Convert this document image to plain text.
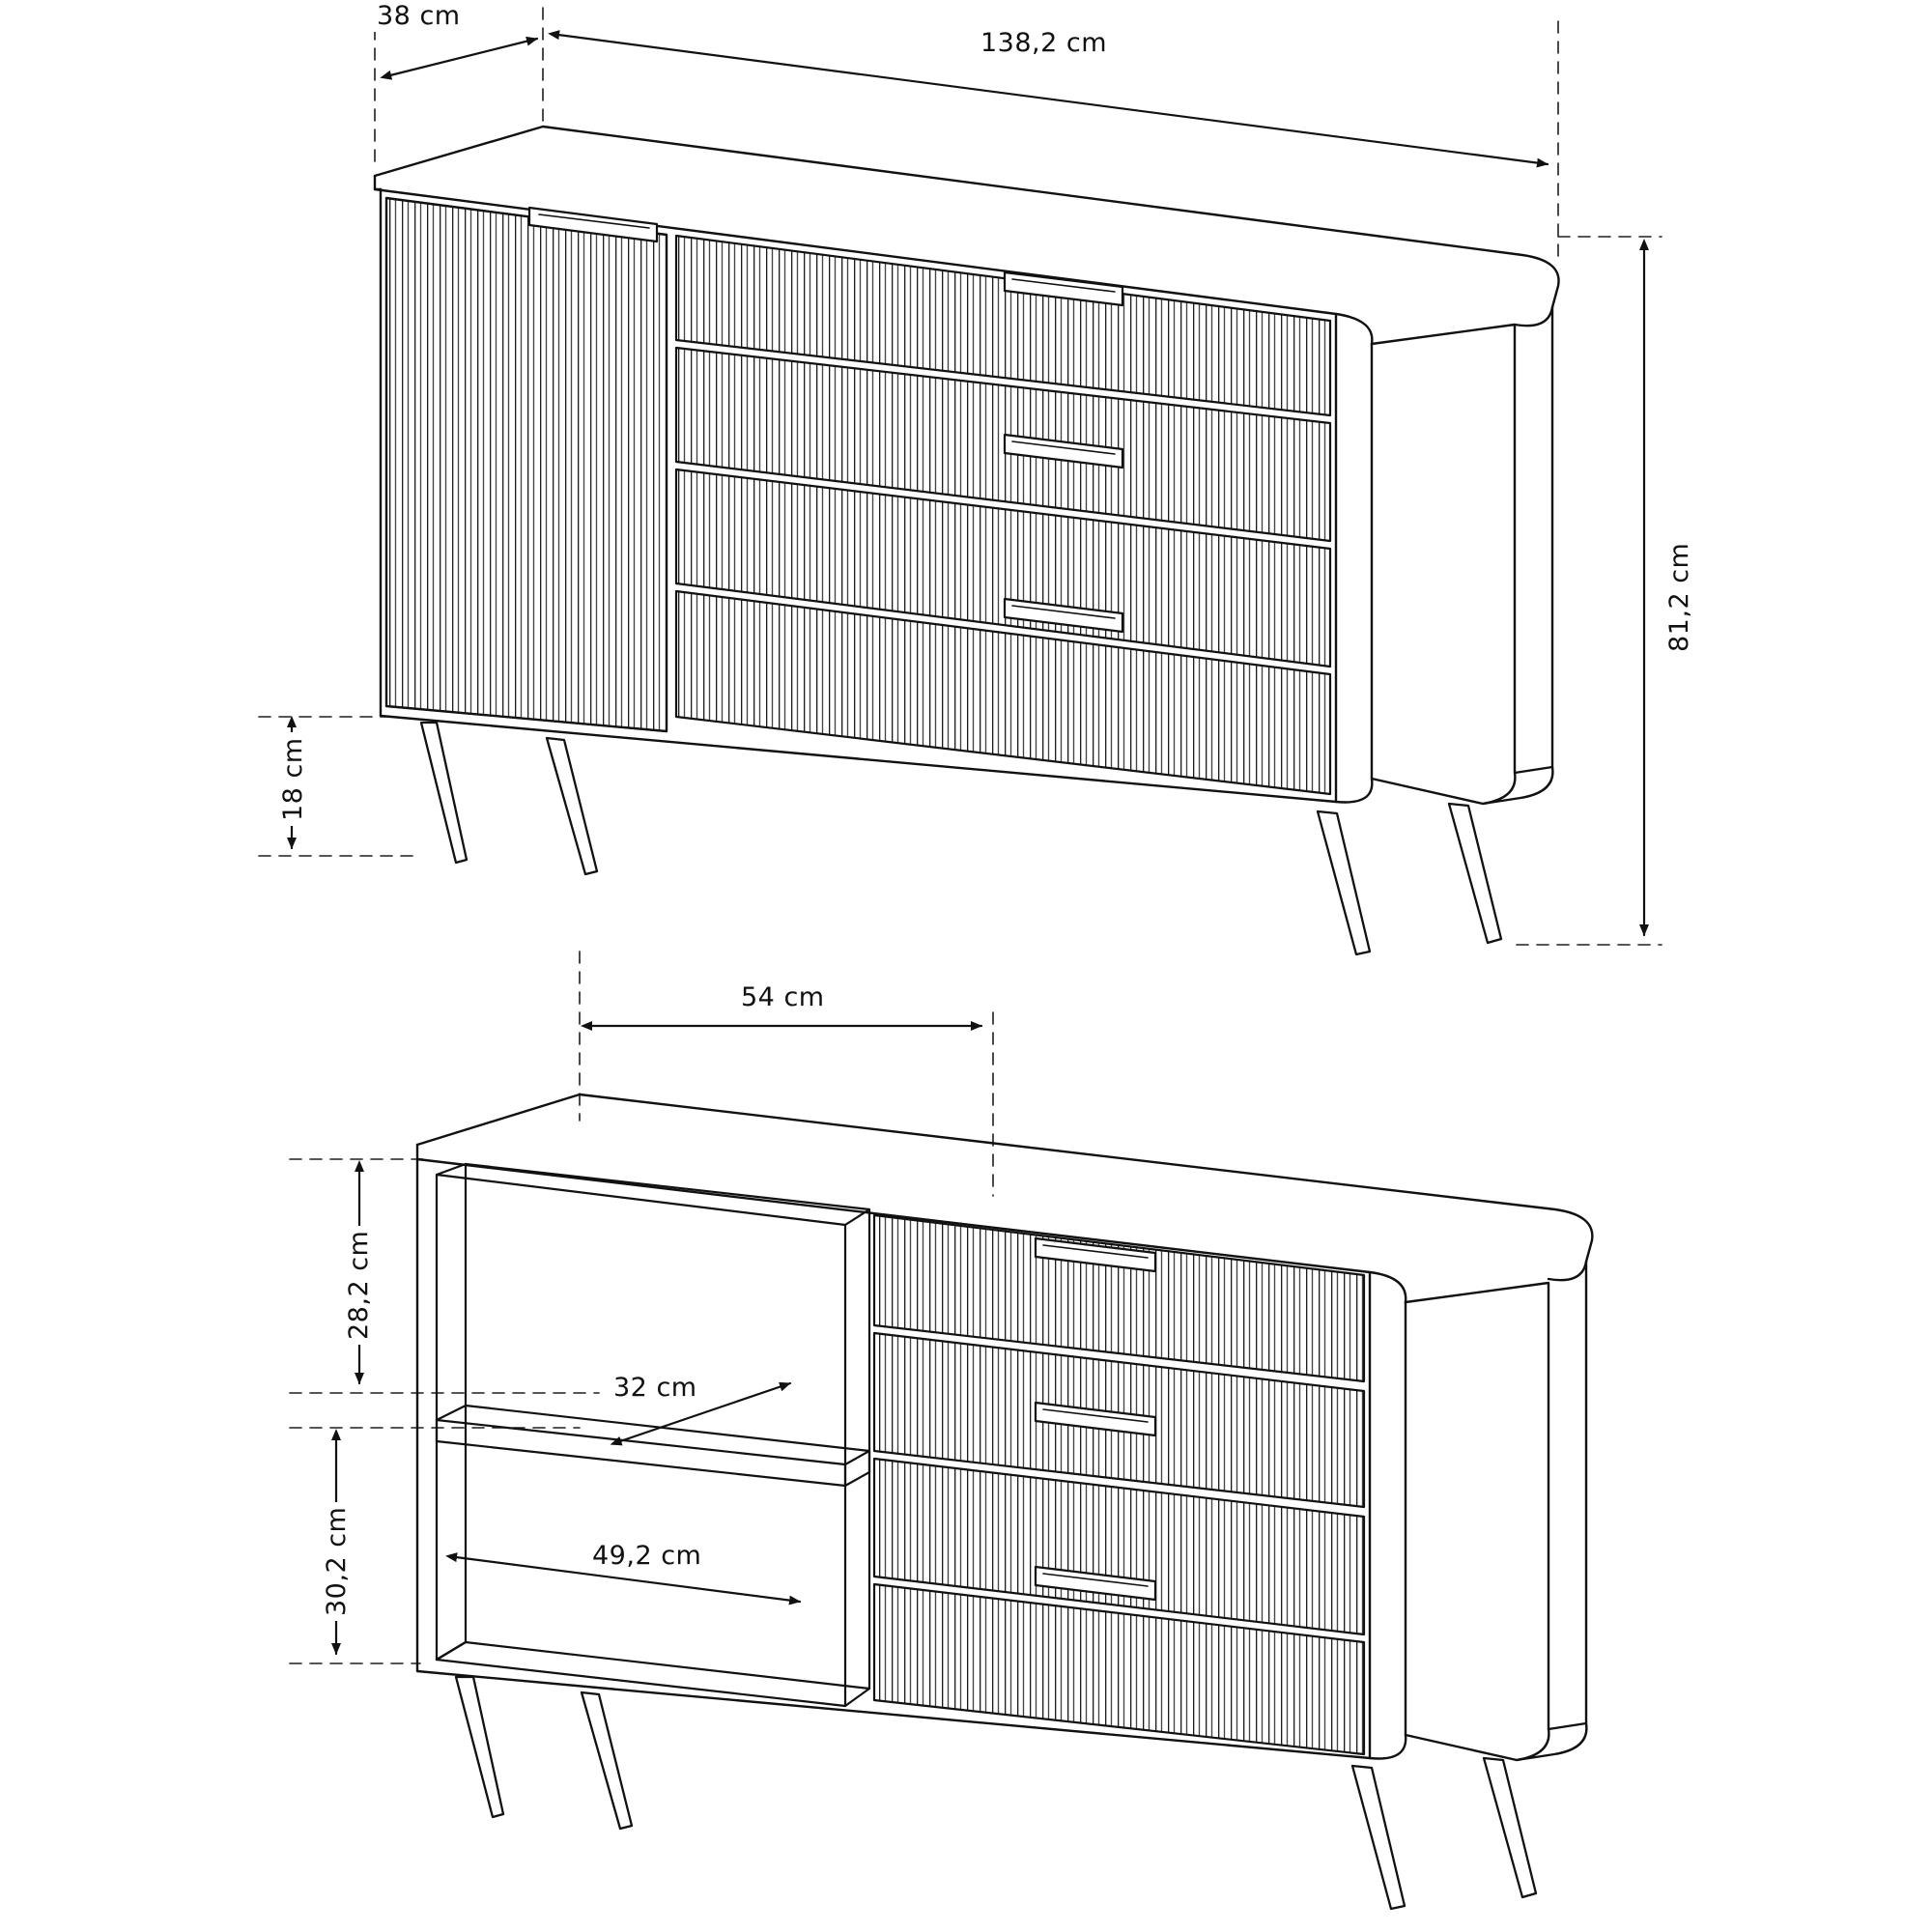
38 cm
138,2 cm
81,2 cm
18 cm
54 cm
28,2 cm
30,2 cm
32 cm
49,2 cm
